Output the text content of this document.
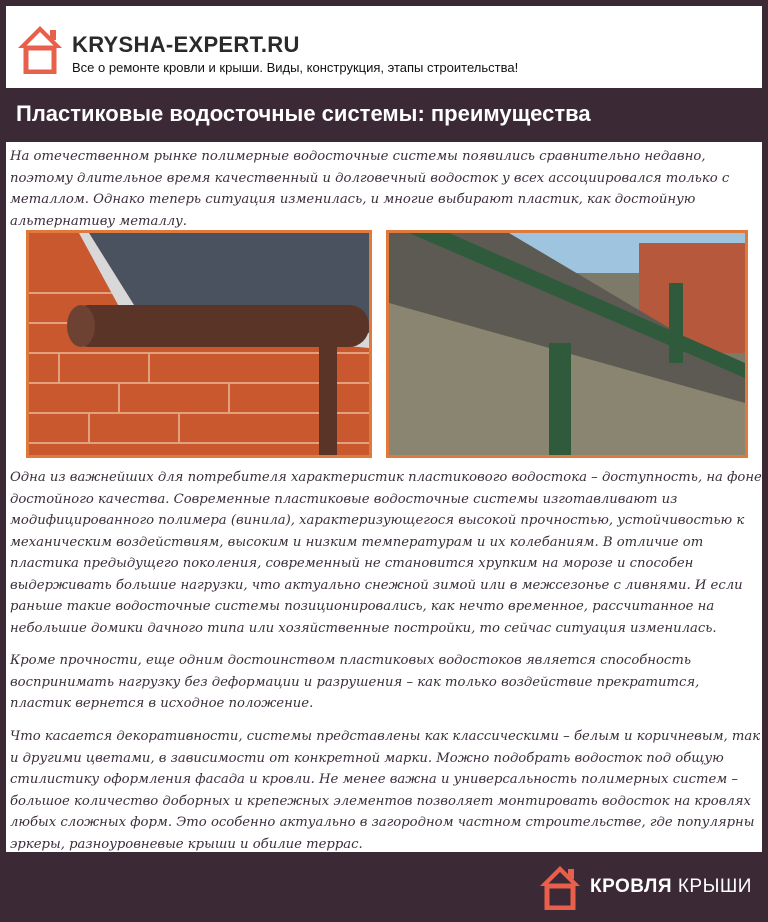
KRYSHA-EXPERT.RU
Все о ремонте кровли и крыши. Виды, конструкция, этапы строительства!
Пластиковые водосточные системы: преимущества

На отечественном рынке полимерные водосточные системы появились сравнительно недавно, поэтому длительное время качественный и долговечный водосток у всех ассоциировался только с металлом. Однако теперь ситуация изменилась, и многие выбирают пластик, как достойную альтернативу металлу.

Одна из важнейших для потребителя характеристик пластикового водостока – доступность, на фоне достойного качества. Современные пластиковые водосточные системы изготавливают из модифицированного полимера (винила), характеризующегося высокой прочностью, устойчивостью к механическим воздействиям, высоким и низким температурам и их колебаниям. В отличие от пластика предыдущего поколения, современный не становится хрупким на морозе и способен выдерживать большие нагрузки, что актуально снежной зимой или в межсезонье с ливнями. И если раньше такие водосточные системы позиционировались, как нечто временное, рассчитанное на небольшие домики дачного типа или хозяйственные постройки, то сейчас ситуация изменилась.

Кроме прочности, еще одним достоинством пластиковых водостоков является способность воспринимать нагрузку без деформации и разрушения – как только воздействие прекратится, пластик вернется в исходное положение.

Что касается декоративности, системы представлены как классическими – белым и коричневым, так и другими цветами, в зависимости от конкретной марки. Можно подобрать водосток под общую стилистику оформления фасада и кровли. Не менее важна и универсальность полимерных систем – большое количество доборных и крепежных элементов позволяет монтировать водосток на кровлях любых сложных форм. Это особенно актуально в загородном частном строительстве, где популярны эркеры, разноуровневые крыши и обилие террас.

КРОВЛЯ КРЫШИ
